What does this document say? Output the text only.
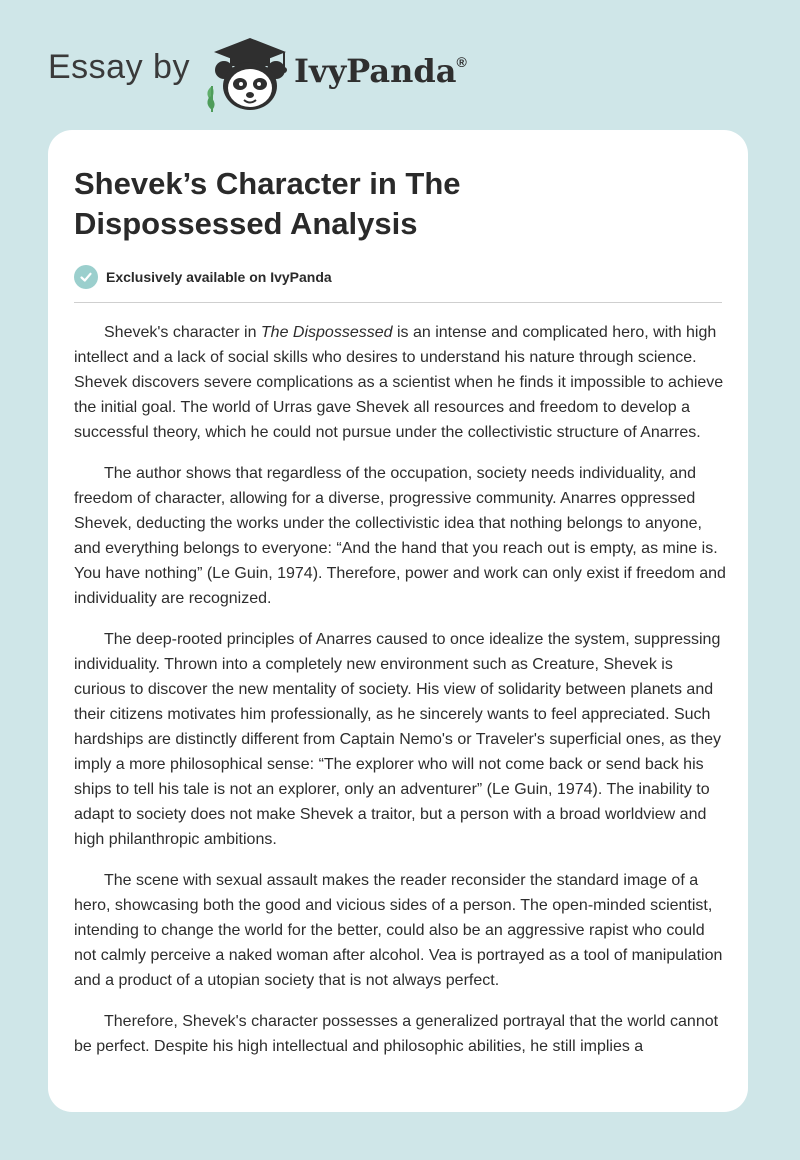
Essay by	IvyPanda®
Shevek’s Character in The Dispossessed Analysis
Exclusively available on IvyPanda

Shevek's character in The Dispossessed is an intense and complicated hero, with high intellect and a lack of social skills who desires to understand his nature through science. Shevek discovers severe complications as a scientist when he finds it impossible to achieve the initial goal. The world of Urras gave Shevek all resources and freedom to develop a successful theory, which he could not pursue under the collectivistic structure of Anarres.

The author shows that regardless of the occupation, society needs individuality, and freedom of character, allowing for a diverse, progressive community. Anarres oppressed Shevek, deducting the works under the collectivistic idea that nothing belongs to anyone, and everything belongs to everyone: “And the hand that you reach out is empty, as mine is. You have nothing” (Le Guin, 1974). Therefore, power and work can only exist if freedom and individuality are recognized.

The deep-rooted principles of Anarres caused to once idealize the system, suppressing individuality. Thrown into a completely new environment such as Creature, Shevek is curious to discover the new mentality of society. His view of solidarity between planets and their citizens motivates him professionally, as he sincerely wants to feel appreciated. Such hardships are distinctly different from Captain Nemo's or Traveler's superficial ones, as they imply a more philosophical sense: “The explorer who will not come back or send back his ships to tell his tale is not an explorer, only an adventurer” (Le Guin, 1974). The inability to adapt to society does not make Shevek a traitor, but a person with a broad worldview and high philanthropic ambitions.

The scene with sexual assault makes the reader reconsider the standard image of a hero, showcasing both the good and vicious sides of a person. The open-minded scientist, intending to change the world for the better, could also be an aggressive rapist who could not calmly perceive a naked woman after alcohol. Vea is portrayed as a tool of manipulation and a product of a utopian society that is not always perfect.

Therefore, Shevek's character possesses a generalized portrayal that the world cannot be perfect. Despite his high intellectual and philosophic abilities, he still implies a
